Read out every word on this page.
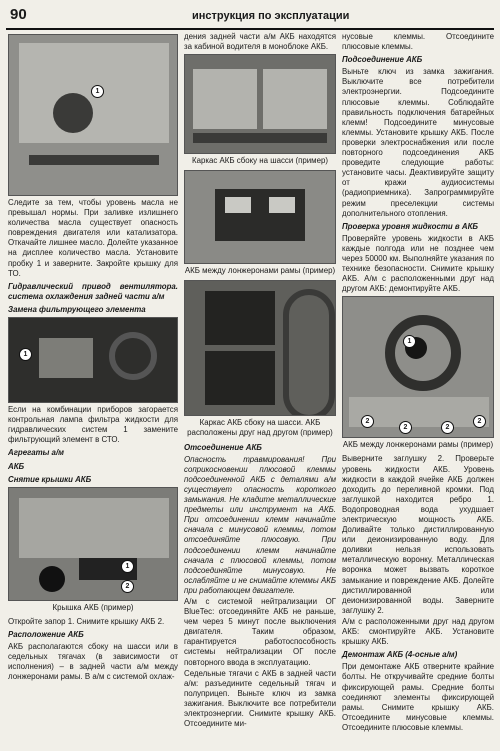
90	инструкция по эксплуатации
1

Следите за тем, чтобы уровень масла не превышал нормы. При заливке излишнего количества масла существует опасность повреждения двигателя или катализатора. Откачайте лишнее масло. Долейте указанное на дисплее количество масла. Установите пробку 1 и заверните. Закройте крышку для ТО.

Гидравлический привод вентилятора. система охлаждения задней части а/м

Замена фильтрующего элемента

1

Если на комбинации приборов загорается контрольная лампа фильтра жидкости для гидравлических систем 1 замените фильтрующий элемент в СТО.

Агрегаты а/м

АКБ

Снятие крышки АКБ

1
2

Крышка АКБ (пример)

Откройте запор 1. Снимите крышку АКБ 2.

Расположение АКБ

АКБ располагаются сбоку на шасси или в седельных тягачах (в зависимости от исполнения) – в задней части а/м между лонжеронами рамы. В а/м с системой охлаж-

дения задней части а/м АКБ находятся за кабиной водителя в моноблоке АКБ.

Каркас АКБ сбоку на шасси (пример)

АКБ между лонжеронами рамы (пример)

Каркас АКБ сбоку на шасси. АКБ расположены друг над другом (пример)

Отсоединение АКБ

Опасность травмирования! При соприкосновении плюсовой клеммы подсоединенной АКБ с деталями а/м существует опасность короткого замыкания. Не кладите металлические предметы или инструмент на АКБ. При отсоединении клемм начинайте сначала с минусовой клеммы, потом отсоединяйте плюсовую. При подсоединении клемм начинайте сначала с плюсовой клеммы, потом подсоединяйте минусовую. Не ослабляйте и не снимайте клеммы АКБ при работающем двигателе.

А/м с системой нейтрализации ОГ BlueTec: отсоединяйте АКБ не раньше, чем через 5 минут после выключения двигателя. Таким образом, гарантируется работоспособность системы нейтрализации ОГ после повторного ввода в эксплуатацию.

Седельные тягачи с АКБ в задней части а/м: разъедините седельный тягач и полуприцеп. Выньте ключ из замка зажигания. Выключите все потребители электроэнергии. Снимите крышку АКБ. Отсоедините ми-

нусовые клеммы. Отсоедините плюсовые клеммы.

Подсоединение АКБ

Выньте ключ из замка зажигания. Выключите все потребители электроэнергии. Подсоедините плюсовые клеммы. Соблюдайте правильность подключения батарейных клемм! Подсоедините минусовые клеммы. Установите крышку АКБ. После проверки электроснабжения или после повторного подсоединения АКБ проведите следующие работы: установите часы. Деактивируйте защиту от кражи аудиосистемы (радиоприемника). Запрограммируйте режим преселекции системы дополнительного отопления.

Проверка уровня жидкости в АКБ

Проверяйте уровень жидкости в АКБ каждые полгода или не позднее чем через 50000 км. Выполняйте указания по технике безопасности. Снимите крышку АКБ. А/м с расположенными друг над другом АКБ: демонтируйте АКБ.

1
2
2	2
2

АКБ между лонжеронами рамы (пример)

Выверните заглушку 2. Проверьте уровень жидкости АКБ. Уровень жидкости в каждой ячейке АКБ должен доходить до переливной кромки. Под заглушкой находится ребро 1. Водопроводная вода ухудшает электрическую мощность АКБ. Доливайте только дистиллированную или деионизированную воду. Для доливки нельзя использовать металлическую воронку. Металлическая воронка может вызвать короткое замыкание и повреждение АКБ. Долейте дистиллированной или деионизированной воды. Заверните заглушку 2.

А/м с расположенными друг над другом АКБ: смонтируйте АКБ. Установите крышку АКБ.

Демонтаж АКБ (4-осные а/м)

При демонтаже АКБ отверните крайние болты. Не откручивайте средние болты фиксирующей рамы. Средние болты соединяют элементы фиксирующей рамы. Снимите крышку АКБ. Отсоедините минусовые клеммы. Отсоедините плюсовые клеммы.
